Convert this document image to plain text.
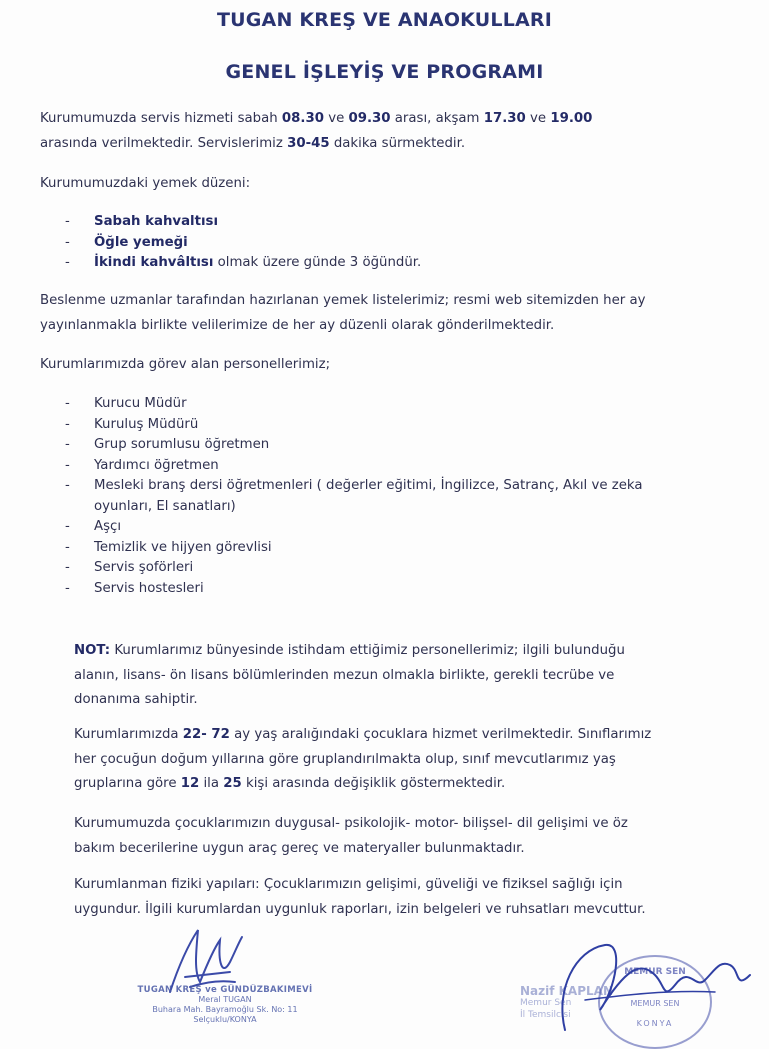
TUGAN KREŞ VE ANAOKULLARI
GENEL İŞLEYİŞ VE PROGRAMI
Kurumumuzda servis hizmeti sabah 08.30 ve 09.30 arası, akşam 17.30 ve 19.00 arasında verilmektedir. Servislerimiz 30-45 dakika sürmektedir.
Kurumumuzdaki yemek düzeni:
- Sabah kahvaltısı
- Öğle yemeği
- İkindi kahvâltısı olmak üzere günde 3 öğündür.
Beslenme uzmanlar tarafından hazırlanan yemek listelerimiz; resmi web sitemizden her ay yayınlanmakla birlikte velilerimize de her ay düzenli olarak gönderilmektedir.
Kurumlarımızda görev alan personellerimiz;
- Kurucu Müdür
- Kuruluş Müdürü
- Grup sorumlusu öğretmen
- Yardımcı öğretmen
- Mesleki branş dersi öğretmenleri ( değerler eğitimi, İngilizce, Satranç, Akıl ve zeka oyunları, El sanatları)
- Aşçı
- Temizlik ve hijyen görevlisi
- Servis şoförleri
- Servis hostesleri
NOT: Kurumlarımız bünyesinde istihdam ettiğimiz personellerimiz; ilgili bulunduğu alanın, lisans- ön lisans bölümlerinden mezun olmakla birlikte, gerekli tecrübe ve donanıma sahiptir.
Kurumlarımızda 22- 72 ay yaş aralığındaki çocuklara hizmet verilmektedir. Sınıflarımız her çocuğun doğum yıllarına göre gruplandırılmakta olup, sınıf mevcutlarımız yaş gruplarına göre 12 ila 25 kişi arasında değişiklik göstermektedir.
Kurumumuzda çocuklarımızın duygusal- psikolojik- motor- bilişsel- dil gelişimi ve öz bakım becerilerine uygun araç gereç ve materyaller bulunmaktadır.
Kurumlanman fiziki yapıları: Çocuklarımızın gelişimi, güveliği ve fiziksel sağlığı için uygundur. İlgili kurumlardan uygunluk raporları, izin belgeleri ve ruhsatları mevcuttur.
TUGAN KREŞ ve GÜNDÜZBAKIMEVİ
Meral TUGAN
Buhara Mah. Bayramoğlu Sk. No: 11
Selçuklu/KONYA
Nazif KAPLAN
Memur Sen
İl Temsilcisi
MEMUR SEN
MEMUR SEN
KONYA
